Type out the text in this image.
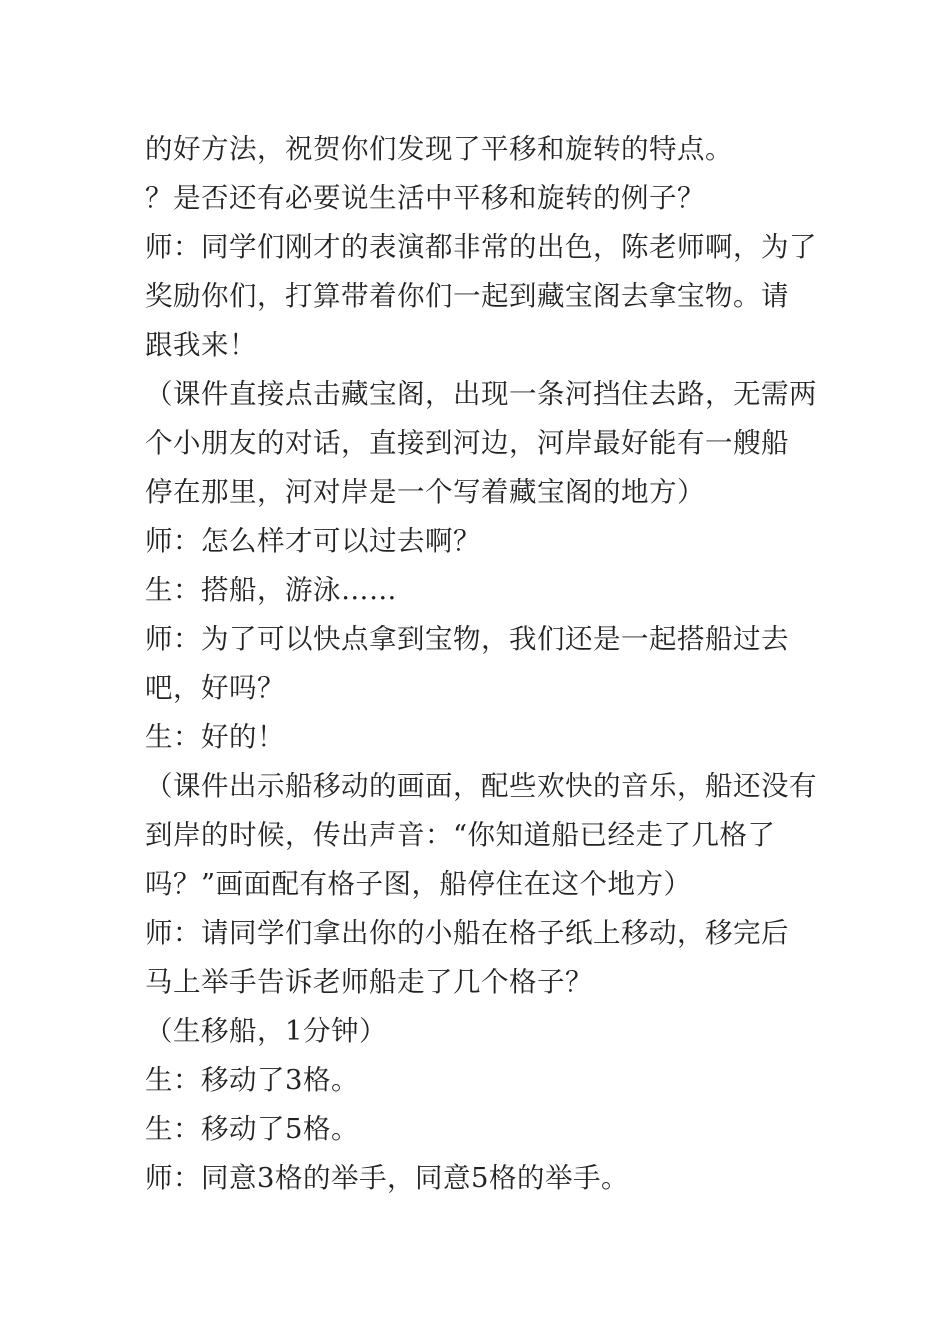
的好方法，祝贺你们发现了平移和旋转的特点。
？是否还有必要说生活中平移和旋转的例子？
师：同学们刚才的表演都非常的出色，陈老师啊，为了
奖励你们，打算带着你们一起到藏宝阁去拿宝物。请
跟我来！
（课件直接点击藏宝阁，出现一条河挡住去路，无需两
个小朋友的对话，直接到河边，河岸最好能有一艘船
停在那里，河对岸是一个写着藏宝阁的地方）
师：怎么样才可以过去啊？
生：搭船，游泳……
师：为了可以快点拿到宝物，我们还是一起搭船过去
吧，好吗？
生：好的！
（课件出示船移动的画面，配些欢快的音乐，船还没有
到岸的时候，传出声音：“你知道船已经走了几格了
吗？”画面配有格子图，船停住在这个地方）
师：请同学们拿出你的小船在格子纸上移动，移完后
马上举手告诉老师船走了几个格子？
（生移船，1分钟）
生：移动了3格。
生：移动了5格。
师：同意3格的举手，同意5格的举手。
